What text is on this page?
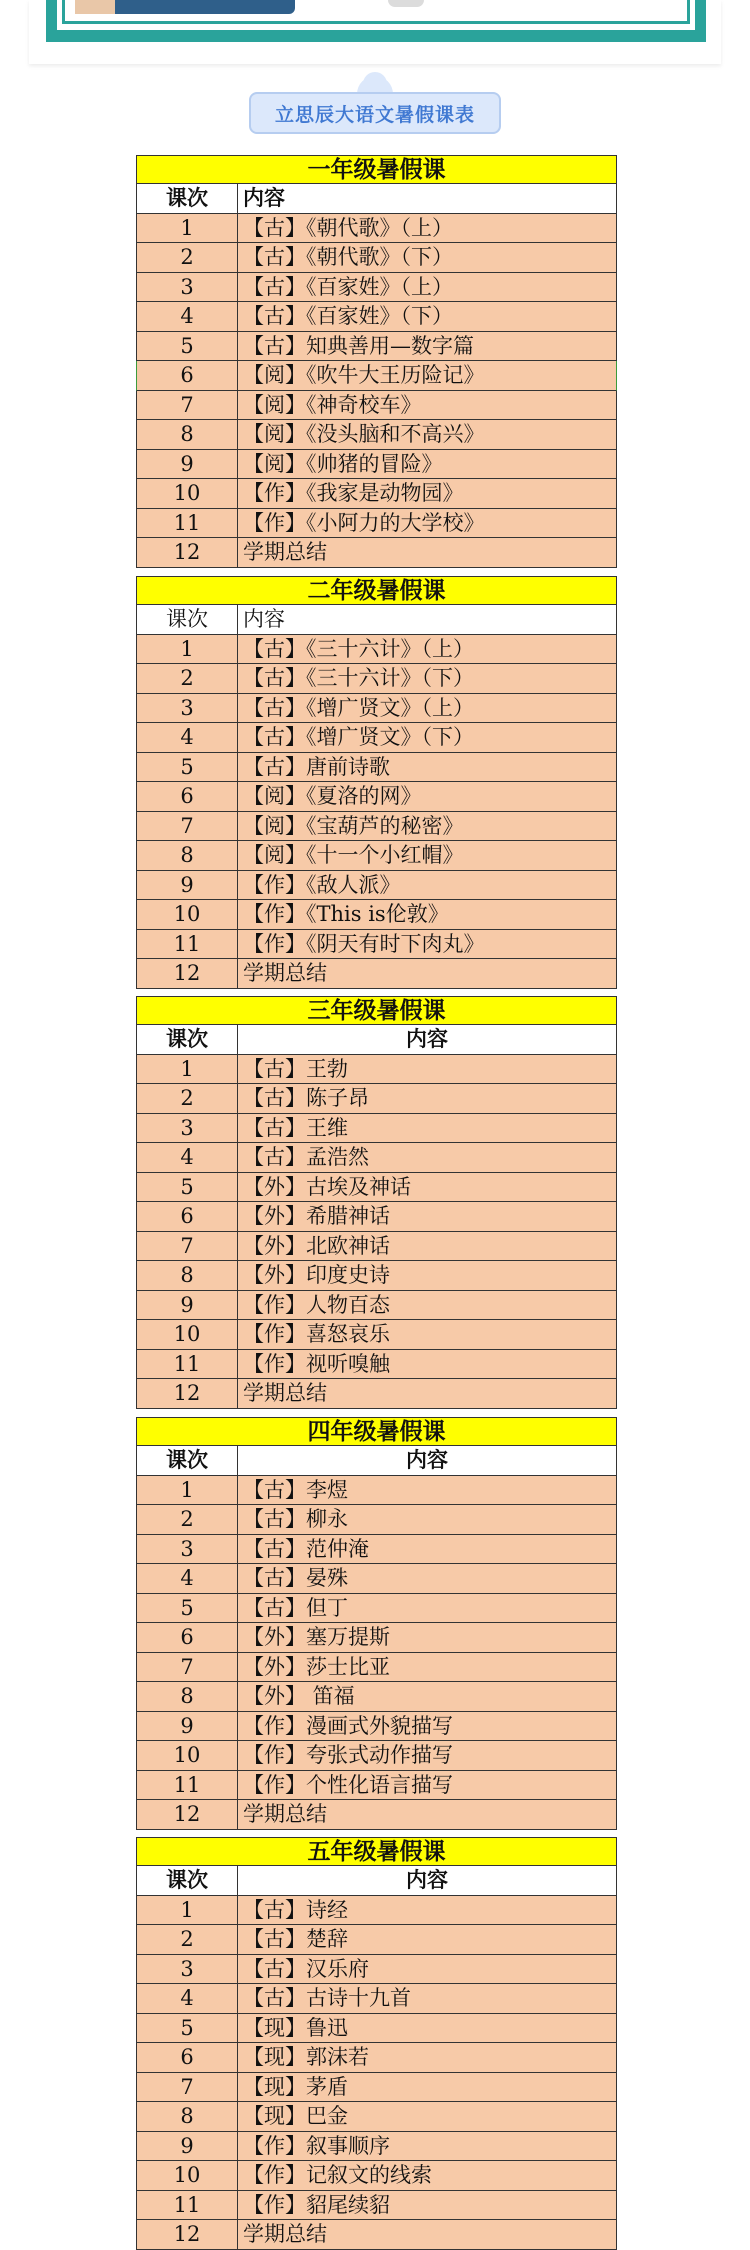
立思辰大语文暑假课表
一年级暑假课
课次	内容
1	【古】《朝代歌》（上）
2	【古】《朝代歌》（下）
3	【古】《百家姓》（上）
4	【古】《百家姓》（下）
5	【古】知典善用—数字篇
6	【阅】《吹牛大王历险记》
7	【阅】《神奇校车》
8	【阅】《没头脑和不高兴》
9	【阅】《帅猪的冒险》
10	【作】《我家是动物园》
11	【作】《小阿力的大学校》
12	学期总结
二年级暑假课
课次	内容
1	【古】《三十六计》（上）
2	【古】《三十六计》（下）
3	【古】《增广贤文》（上）
4	【古】《增广贤文》（下）
5	【古】唐前诗歌
6	【阅】《夏洛的网》
7	【阅】《宝葫芦的秘密》
8	【阅】《十一个小红帽》
9	【作】《敌人派》
10	【作】《This is伦敦》
11	【作】《阴天有时下肉丸》
12	学期总结
三年级暑假课
课次	内容
1	【古】王勃
2	【古】陈子昂
3	【古】王维
4	【古】孟浩然
5	【外】古埃及神话
6	【外】希腊神话
7	【外】北欧神话
8	【外】印度史诗
9	【作】人物百态
10	【作】喜怒哀乐
11	【作】视听嗅触
12	学期总结
四年级暑假课
课次	内容
1	【古】李煜
2	【古】柳永
3	【古】范仲淹
4	【古】晏殊
5	【古】但丁
6	【外】塞万提斯
7	【外】莎士比亚
8	【外】 笛福
9	【作】漫画式外貌描写
10	【作】夸张式动作描写
11	【作】个性化语言描写
12	学期总结
五年级暑假课
课次	内容
1	【古】诗经
2	【古】楚辞
3	【古】汉乐府
4	【古】古诗十九首
5	【现】鲁迅
6	【现】郭沫若
7	【现】茅盾
8	【现】巴金
9	【作】叙事顺序
10	【作】记叙文的线索
11	【作】貂尾续貂
12	学期总结
